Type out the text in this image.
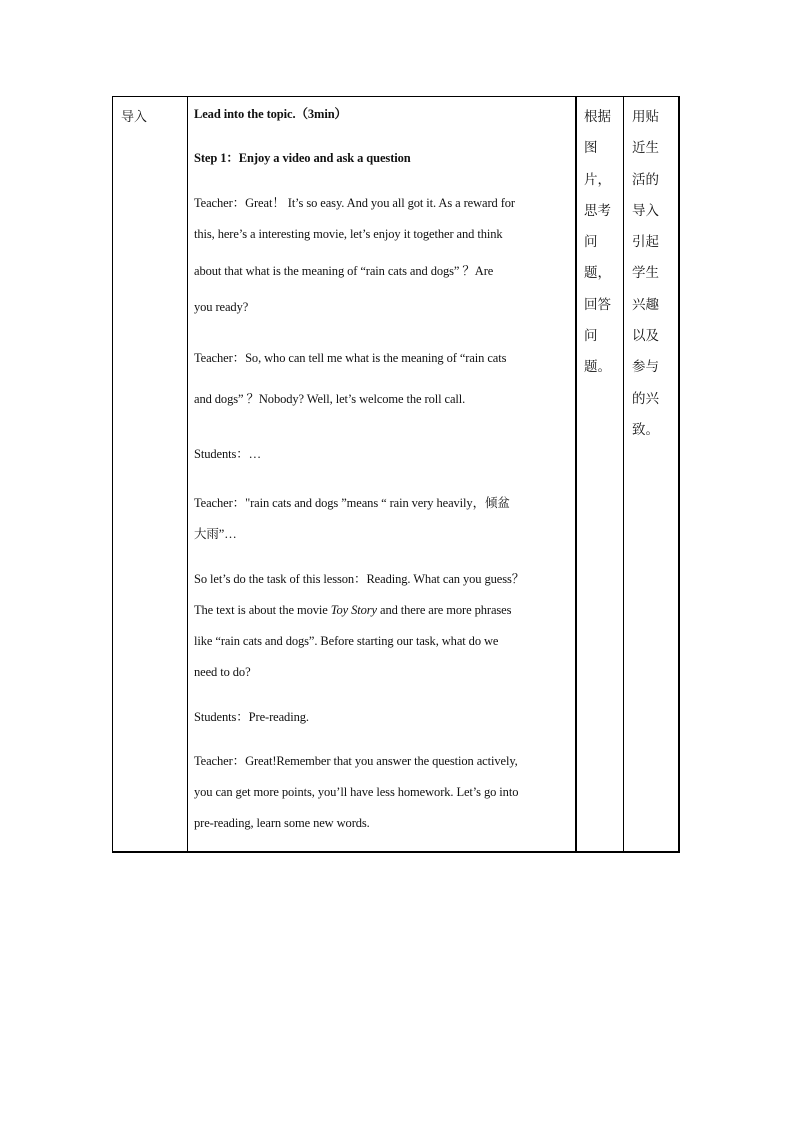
导入	Lead into the topic.（3min）
Step 1：Enjoy a video and ask a question
Teacher：Great！ It’s so easy. And you all got it. As a reward for
this, here’s a interesting movie, let’s enjoy it together and think
about that what is the meaning of “rain cats and dogs” ？Are
you ready?
Teacher：So, who can tell me what is the meaning of “rain cats
and dogs” ？Nobody? Well, let’s welcome the roll call.
Students：…
Teacher："rain cats and dogs ”means “ rain very heavily，倾盆
大雨”…
So let’s do the task of this lesson：Reading. What can you guess？
The text is about the movie Toy Story and there are more phrases
like “rain cats and dogs”. Before starting our task, what do we
need to do?
Students：Pre-reading.
Teacher：Great!Remember that you answer the question actively,
you can get more points, you’ll have less homework. Let’s go into
pre-reading, learn some new words.
根据图片，思考问题，回答问题。
用贴近生活的导入引起学生兴趣以及参与的兴致。
